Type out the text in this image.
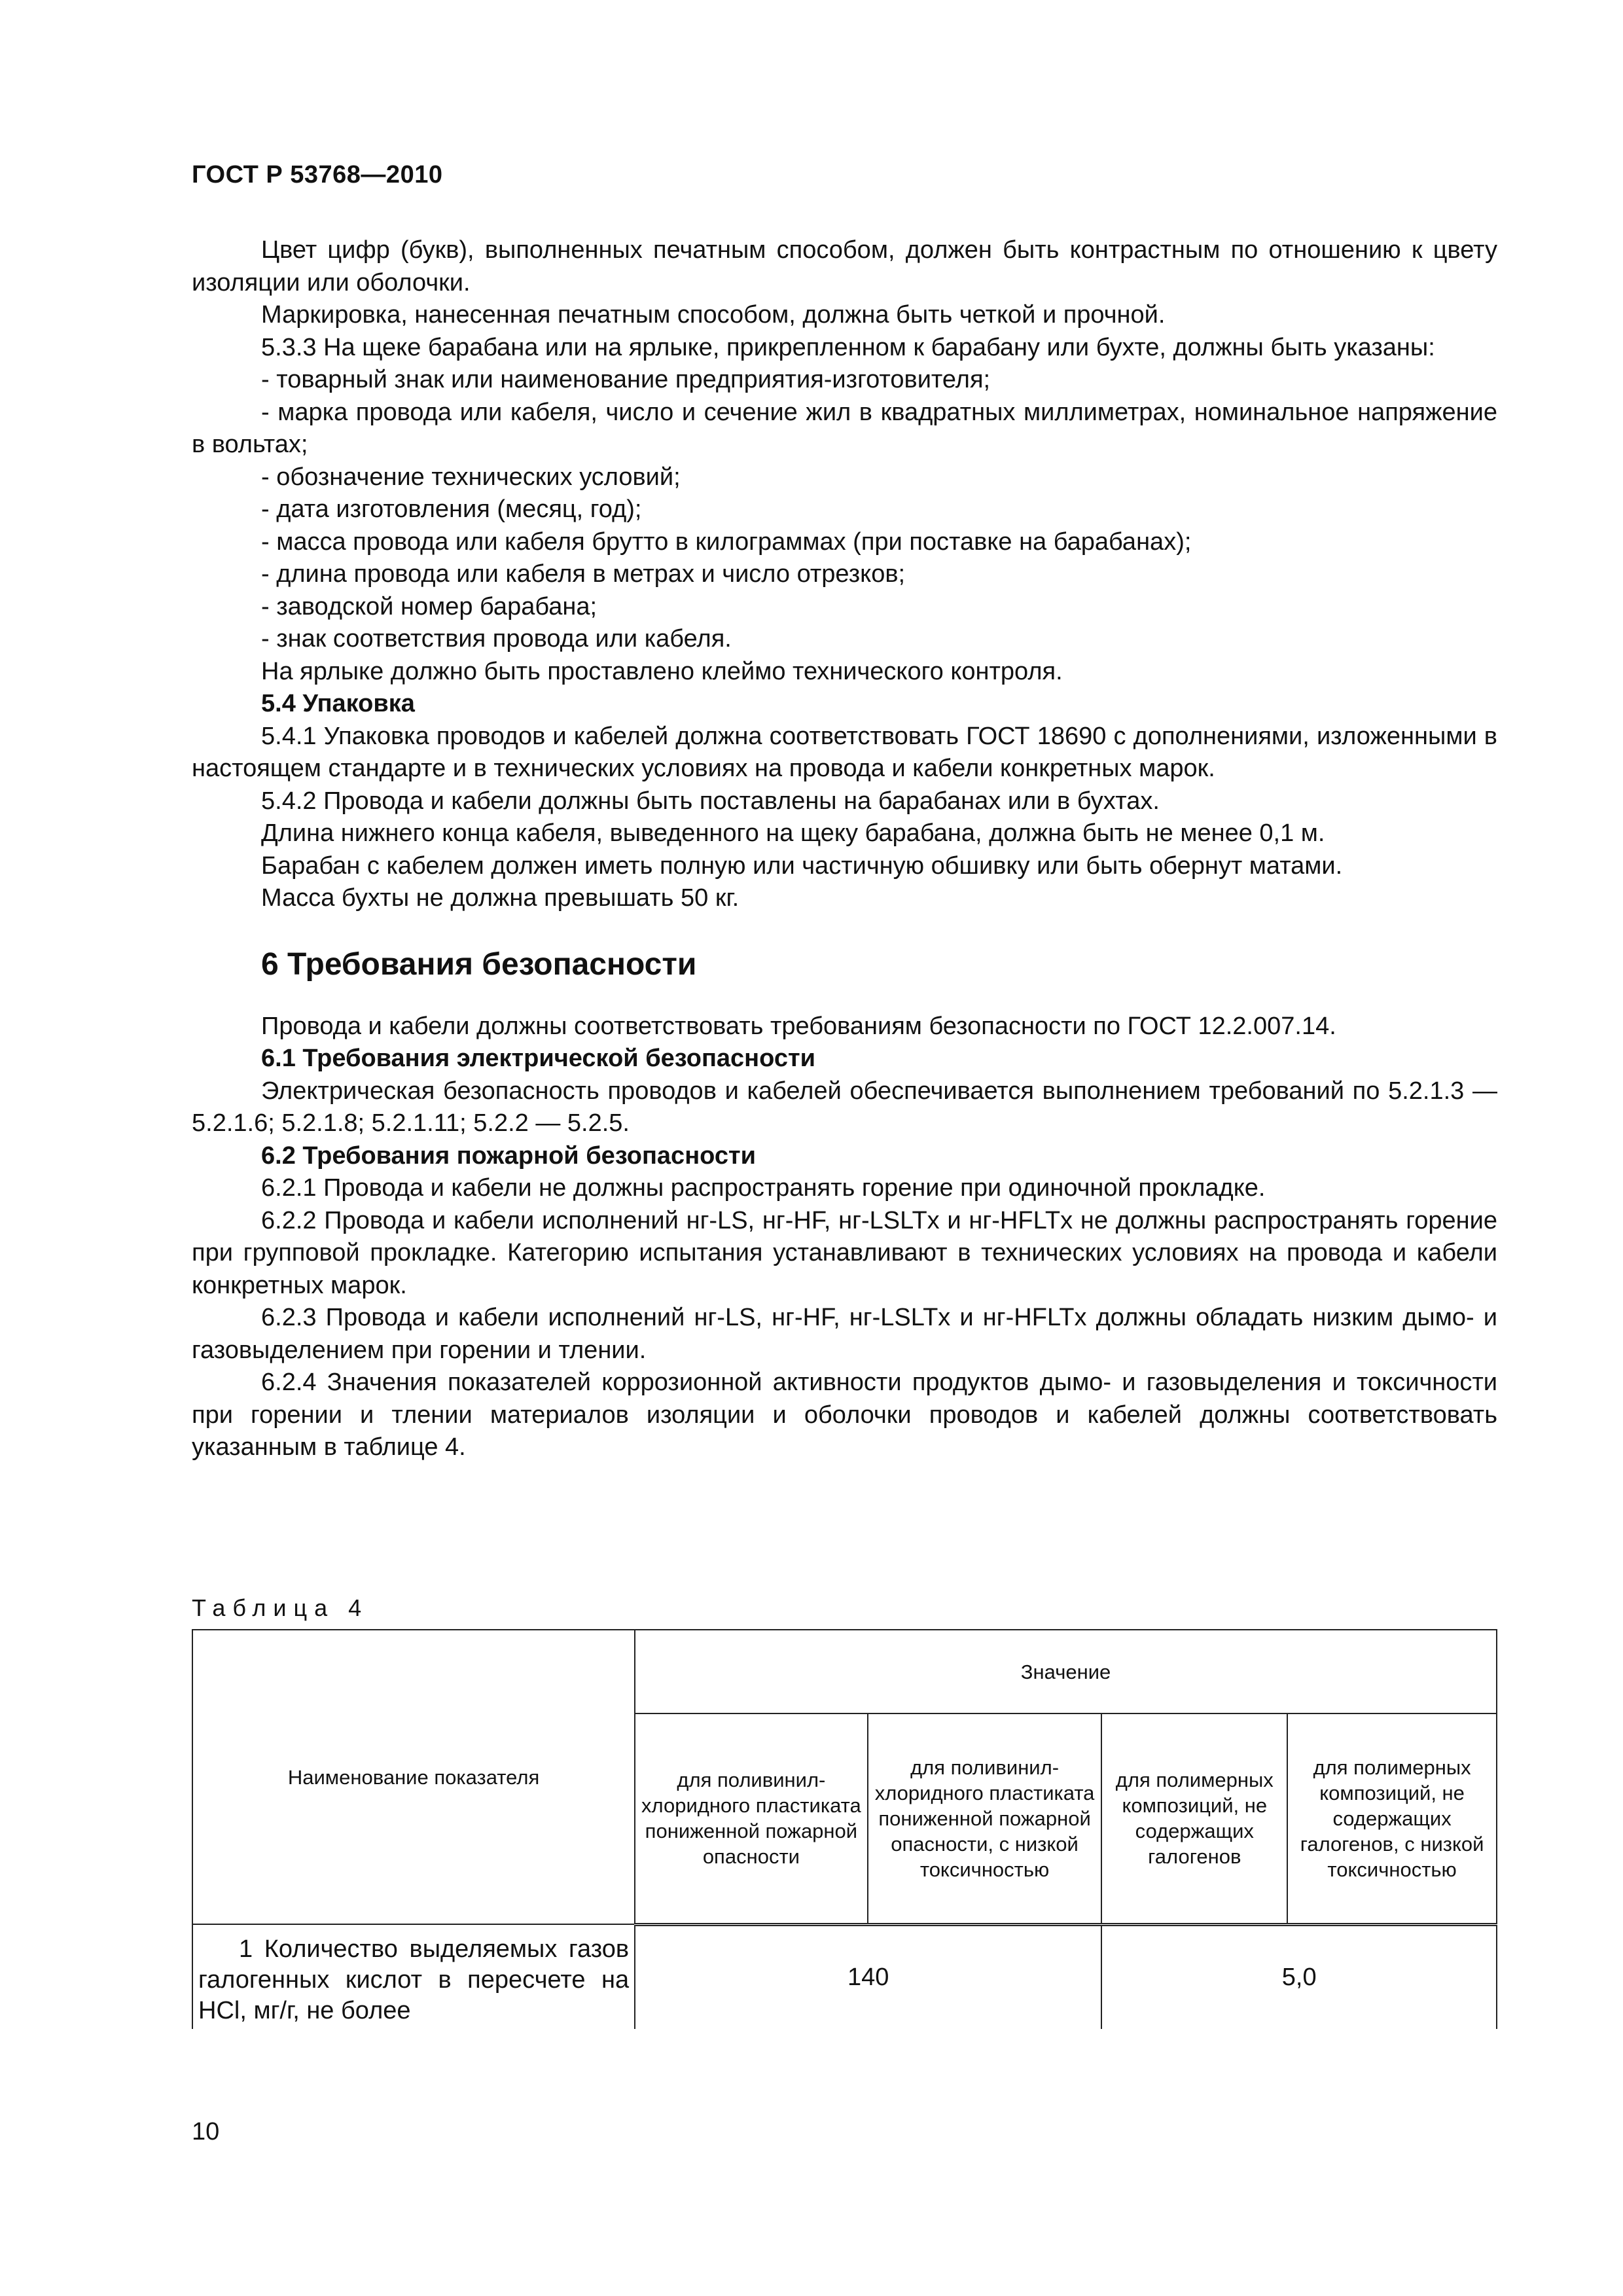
ГОСТ Р 53768—2010

Цвет цифр (букв), выполненных печатным способом, должен быть контрастным по отношению к цвету изоляции или оболочки.

Маркировка, нанесенная печатным способом, должна быть четкой и прочной.

5.3.3 На щеке барабана или на ярлыке, прикрепленном к барабану или бухте, должны быть указаны:

- товарный знак или наименование предприятия-изготовителя;

- марка провода или кабеля, число и сечение жил в квадратных миллиметрах, номинальное напряжение в вольтах;

- обозначение технических условий;

- дата изготовления (месяц, год);

- масса провода или кабеля брутто в килограммах (при поставке на барабанах);

- длина провода или кабеля в метрах и число отрезков;

- заводской номер барабана;

- знак соответствия провода или кабеля.

На ярлыке должно быть проставлено клеймо технического контроля.

5.4 Упаковка

5.4.1 Упаковка проводов и кабелей должна соответствовать ГОСТ 18690 с дополнениями, изложенными в настоящем стандарте и в технических условиях на провода и кабели конкретных марок.

5.4.2 Провода и кабели должны быть поставлены на барабанах или в бухтах.

Длина нижнего конца кабеля, выведенного на щеку барабана, должна быть не менее 0,1 м.

Барабан с кабелем должен иметь полную или частичную обшивку или быть обернут матами.

Масса бухты не должна превышать 50 кг.

6 Требования безопасности

Провода и кабели должны соответствовать требованиям безопасности по ГОСТ 12.2.007.14.

6.1 Требования электрической безопасности

Электрическая безопасность проводов и кабелей обеспечивается выполнением требований по 5.2.1.3 — 5.2.1.6; 5.2.1.8; 5.2.1.11; 5.2.2 — 5.2.5.

6.2 Требования пожарной безопасности

6.2.1 Провода и кабели не должны распространять горение при одиночной прокладке.

6.2.2 Провода и кабели исполнений нг-LS, нг-HF, нг-LSLTx и нг-HFLTx не должны распространять горение при групповой прокладке. Категорию испытания устанавливают в технических условиях на провода и кабели конкретных марок.

6.2.3 Провода и кабели исполнений нг-LS, нг-HF, нг-LSLTx и нг-HFLTx должны обладать низким дымо- и газовыделением при горении и тлении.

6.2.4 Значения показателей коррозионной активности продуктов дымо- и газовыделения и токсичности при горении и тлении материалов изоляции и оболочки проводов и кабелей должны соответствовать указанным в таблице 4.

Таблица 4
Наименование показателя	Значение			
	для поливинил-хлоридного пластиката пониженной пожарной опасности	для поливинил-хлоридного пластиката пониженной пожарной опасности, с низкой токсичностью	для полимерных композиций, не содержащих галогенов	для полимерных композиций, не содержащих галогенов, с низкой токсичностью
1 Количество выделяемых газов галогенных кислот в пересчете на HCl, мг/г, не более	140		5,0	
10
